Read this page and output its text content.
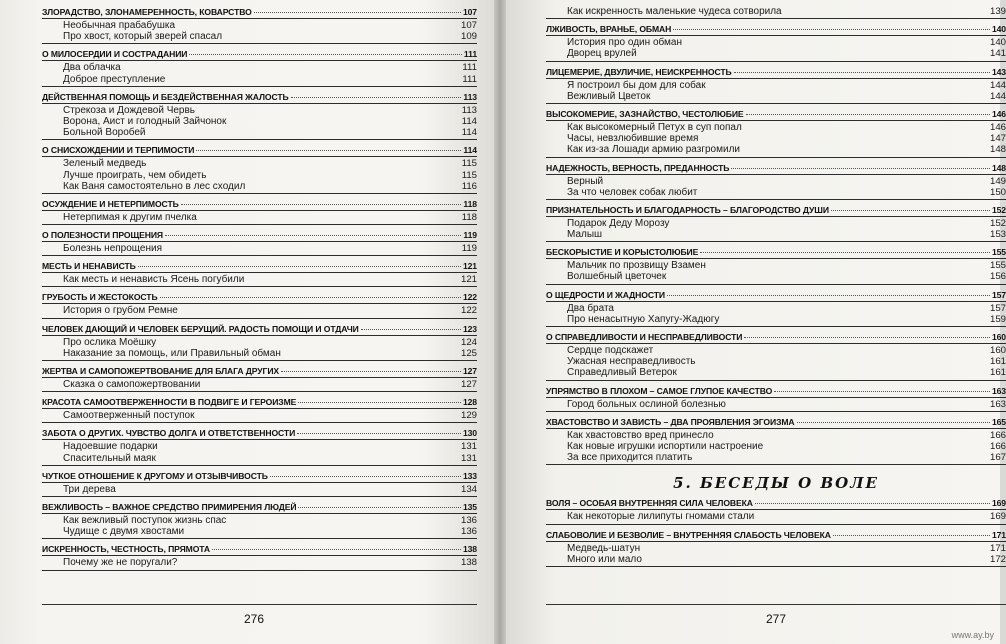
ЗЛОРАДСТВО, ЗЛОНАМЕРЕННОСТЬ, КОВАРСТВО	107
Необычная прабабушка	107
Про хвост, который зверей спасал	109
О МИЛОСЕРДИИ И СОСТРАДАНИИ	111
Два облачка	111
Доброе преступление	111
ДЕЙСТВЕННАЯ ПОМОЩЬ И БЕЗДЕЙСТВЕННАЯ ЖАЛОСТЬ	113
Стрекоза и Дождевой Червь	113
Ворона, Аист и голодный Зайчонок	114
Больной Воробей	114
О СНИСХОЖДЕНИИ И ТЕРПИМОСТИ	114
Зеленый медведь	115
Лучше проиграть, чем обидеть	115
Как Ваня самостоятельно в лес сходил	116
ОСУЖДЕНИЕ И НЕТЕРПИМОСТЬ	118
Нетерпимая к другим пчелка	118
О ПОЛЕЗНОСТИ ПРОЩЕНИЯ	119
Болезнь непрощения	119
МЕСТЬ И НЕНАВИСТЬ	121
Как месть и ненависть Ясень погубили	121
ГРУБОСТЬ И ЖЕСТОКОСТЬ	122
История о грубом Ремне	122
ЧЕЛОВЕК ДАЮЩИЙ И ЧЕЛОВЕК БЕРУЩИЙ. РАДОСТЬ ПОМОЩИ И ОТДАЧИ	123
Про ослика Моёшку	124
Наказание за помощь, или Правильный обман	125
ЖЕРТВА И САМОПОЖЕРТВОВАНИЕ ДЛЯ БЛАГА ДРУГИХ	127
Сказка о самопожертвовании	127
КРАСОТА САМООТВЕРЖЕННОСТИ В ПОДВИГЕ И ГЕРОИЗМЕ	128
Самоотверженный поступок	129
ЗАБОТА О ДРУГИХ. ЧУВСТВО ДОЛГА И ОТВЕТСТВЕННОСТИ	130
Надоевшие подарки	131
Спасительный маяк	131
ЧУТКОЕ ОТНОШЕНИЕ К ДРУГОМУ И ОТЗЫВЧИВОСТЬ	133
Три дерева	134
ВЕЖЛИВОСТЬ – ВАЖНОЕ СРЕДСТВО ПРИМИРЕНИЯ ЛЮДЕЙ	135
Как вежливый поступок жизнь спас	136
Чудище с двумя хвостами	136
ИСКРЕННОСТЬ, ЧЕСТНОСТЬ, ПРЯМОТА	138
Почему же не поругали?	138
276
Как искренность маленькие чудеса сотворила	139
ЛЖИВОСТЬ, ВРАНЬЕ, ОБМАН	140
История про один обман	140
Дворец врулей	141
ЛИЦЕМЕРИЕ, ДВУЛИЧИЕ, НЕИСКРЕННОСТЬ	143
Я построил бы дом для собак	144
Вежливый Цветок	144
ВЫСОКОМЕРИЕ, ЗАЗНАЙСТВО, ЧЕСТОЛЮБИЕ	146
Как высокомерный Петух в суп попал	146
Часы, невзлюбившие время	147
Как из-за Лошади армию разгромили	148
НАДЕЖНОСТЬ, ВЕРНОСТЬ, ПРЕДАННОСТЬ	148
Верный	149
За что человек собак любит	150
ПРИЗНАТЕЛЬНОСТЬ И БЛАГОДАРНОСТЬ – БЛАГОРОДСТВО ДУШИ	152
Подарок Деду Морозу	152
Малыш	153
БЕСКОРЫСТИЕ И КОРЫСТОЛЮБИЕ	155
Мальчик по прозвищу Взамен	155
Волшебный цветочек	156
О ЩЕДРОСТИ И ЖАДНОСТИ	157
Два брата	157
Про ненасытную Хапугу-Жадюгу	159
О СПРАВЕДЛИВОСТИ И НЕСПРАВЕДЛИВОСТИ	160
Сердце подскажет	160
Ужасная несправедливость	161
Справедливый Ветерок	161
УПРЯМСТВО В ПЛОХОМ – САМОЕ ГЛУПОЕ КАЧЕСТВО	163
Город больных ослиной болезнью	163
ХВАСТОВСТВО И ЗАВИСТЬ – ДВА ПРОЯВЛЕНИЯ ЭГОИЗМА	165
Как хвастовство вред принесло	166
Как новые игрушки испортили настроение	166
За все приходится платить	167
5. БЕСЕДЫ О ВОЛЕ
ВОЛЯ – ОСОБАЯ ВНУТРЕННЯЯ СИЛА ЧЕЛОВЕКА	169
Как некоторые лилипуты гномами стали	169
СЛАБОВОЛИЕ И БЕЗВОЛИЕ – ВНУТРЕННЯЯ СЛАБОСТЬ ЧЕЛОВЕКА	171
Медведь-шатун	171
Много или мало	172
277
www.ay.by
